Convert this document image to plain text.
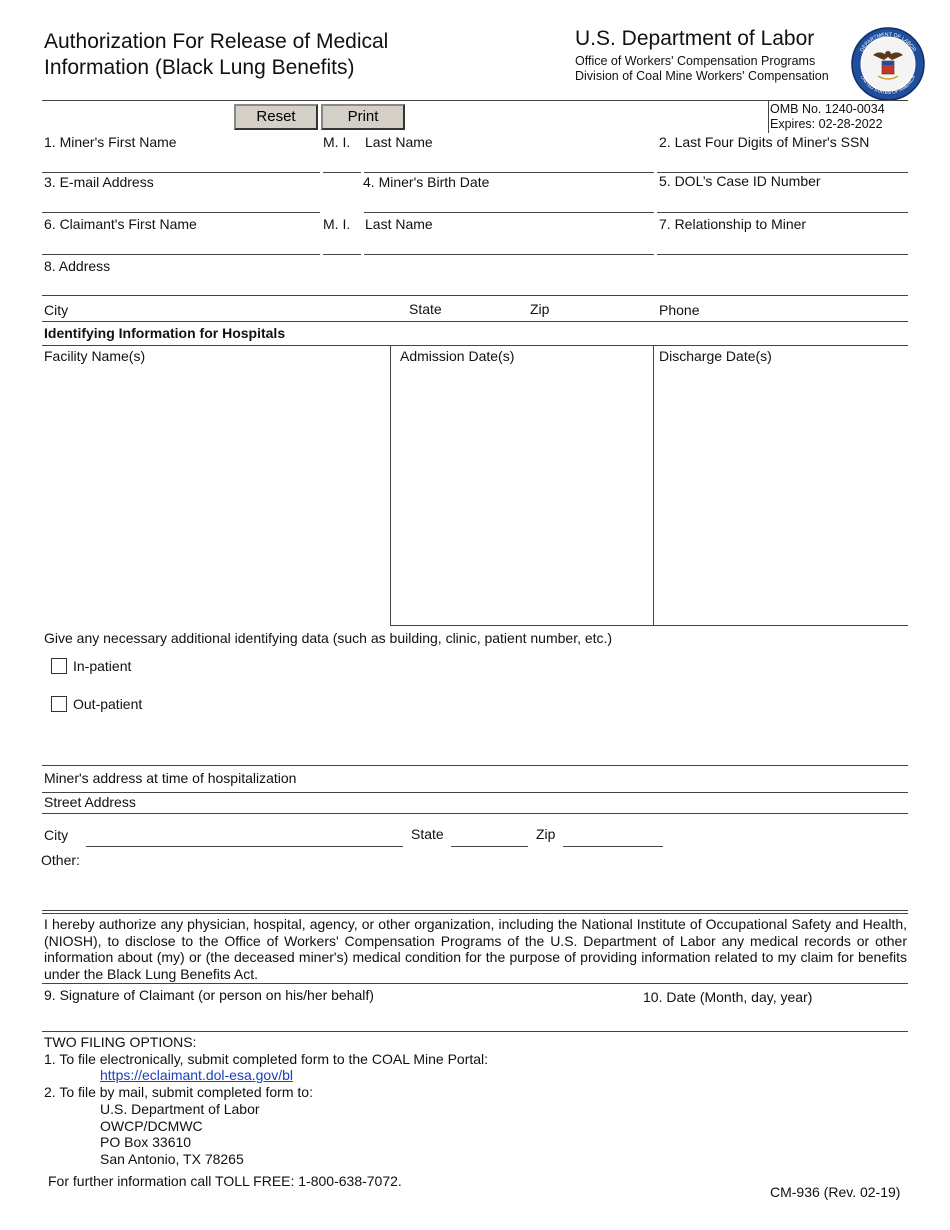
Authorization For Release of Medical
Information (Black Lung Benefits)
U.S. Department of Labor
Office of Workers' Compensation Programs
Division of Coal Mine Workers' Compensation
DEPARTMENT OF LABOR
UNITED STATES OF AMERICA
Reset	Print	OMB No. 1240-0034
Expires: 02-28-2022
1. Miner's First Name	M. I. Last Name	2. Last Four Digits of Miner's SSN
3. E-mail Address	4. Miner's Birth Date	5. DOL’s Case ID Number
6. Claimant's First Name	M. I. Last Name	7. Relationship to Miner
8. Address
City	State	Zip	Phone
Identifying Information for Hospitals
Facility Name(s)	Admission Date(s)	Discharge Date(s)
Give any necessary additional identifying data (such as building, clinic, patient number, etc.)
In-patient
Out-patient
Miner's address at time of hospitalization
Street Address
City	State	Zip
Other:
I hereby authorize any physician, hospital, agency, or other organization, including the National Institute of Occupational Safety and Health, (NIOSH), to disclose to the Office of Workers' Compensation Programs of the U.S. Department of Labor any medical records or other information about (my) or (the deceased miner's) medical condition for the purpose of providing information related to my claim for benefits under the Black Lung Benefits Act.
9. Signature of Claimant (or person on his/her behalf)	10. Date (Month, day, year)
TWO FILING OPTIONS:
1. To file electronically, submit completed form to the COAL Mine Portal:
https://eclaimant.dol-esa.gov/bl
2. To file by mail, submit completed form to:
U.S. Department of Labor
OWCP/DCMWC
PO Box 33610
San Antonio, TX 78265
For further information call TOLL FREE: 1-800-638-7072.
CM-936 (Rev. 02-19)
